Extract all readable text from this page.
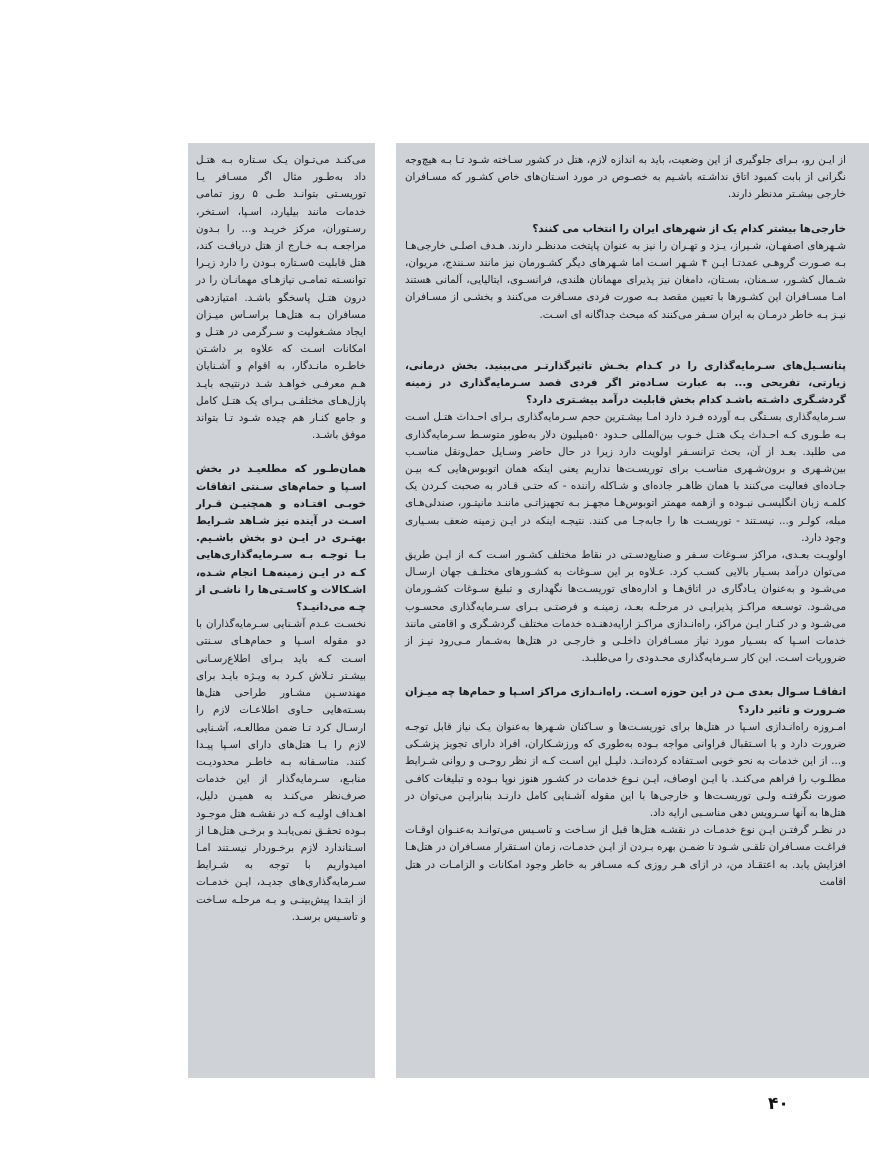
از ایـن رو، بـرای جلوگیری از این وضعیت، باید به اندازه لازم، هتل در کشور سـاخته شـود تـا بـه هیچ‌وجه نگرانی از بابت کمبود اتاق نداشـته باشـیم به خصـوص در مورد اسـتان‌های خاص کشـور که مسـافران خارجی بیشـتر مدنظر دارند.

خارجی‌ها بیشتر کدام یک از شهرهای ایران را انتخاب می کنند؟

شـهرهای اصفهـان، شـیراز، یـزد و تهـران را نیز به عنوان پایتخت مدنظـر دارند. هـدف اصلـی خارجی‌هـا بـه صـورت گروهـی عمدتـا ایـن ۴ شـهر اسـت اما شـهرهای دیگر کشـورمان نیز مانند سـنندج، مریوان، شـمال کشـور، سـمنان، بسـتان، دامغان نیز پذیرای مهمانان هلندی، فرانسـوی، ایتالیایی، آلمانی هستند امـا مسـافران این کشـورها با تعیین مقصد بـه صورت فردی مسـافرت می‌کنند و بخشـی از مسـافران نیـز بـه خاطر درمـان به ایران سـفر می‌کنند که مبحث جداگانه ای اسـت.

پتانسـیل‌های سـرمایه‌گذاری را در کـدام بخـش تاثیرگذارتـر می‌بینید. بخش درمانی، زیارتی، تفریحی و... به عبارت سـاده‌تر اگر فردی قصد سـرمایه‌گذاری در زمینه گردشـگری داشـته باشـد کدام بخش قابلیت درآمد بیشـتری دارد؟

سـرمایه‌گذاری بسـتگی بـه آورده فـرد دارد امـا بیشـترین حجم سـرمایه‌گذاری بـرای احـداث هتـل اسـت بـه طـوری کـه احـداث یـک هتـل خـوب بین‌المللی حـدود ۵۰میلیون دلار به‌طور متوسـط سـرمایه‌گذاری می طلبد. بعـد از آن، بحث ترانسـفر اولویت دارد زیرا در حال حاضر وسـایل حمل‌ونقل مناسـب بین‌شـهری و برون‌شـهری مناسـب برای توریسـت‌ها نداریم یعنی اینکه همان اتوبوس‌هایی کـه بیـن جـاده‌ای فعالیت می‌کنند با همان ظاهـر جاده‌ای و شـاکله راننده - که حتـی قـادر به صحبت کـردن یک کلمـه زبان انگلیسـی نبـوده و ازهمه مهمتر اتوبوس‌هـا مجهـز بـه تجهیزاتـی ماننـد مانیتـور، صندلی‌هـای مبله، کولـر و... نیسـتند - توریسـت ها را جابه‌جـا می کنند. نتیجـه اینکه در ایـن زمینه ضعف بسـیاری وجود دارد.

اولویـت بعـدی، مراکز سـوغات سـفر و صنایع‌دسـتی در نقاط مختلف کشـور اسـت کـه از ایـن طریق می‌توان درآمد بسـیار بالایی کسـب کرد. عـلاوه بر این سـوغات به کشـورهای مختلـف جهان ارسـال می‌شـود و به‌عنوان یـادگاری در اتاق‌هـا و اداره‌های توریسـت‌ها نگهداری و تبلیغ سـوغات کشـورمان می‌شـود. توسـعه مراکـز پذیرایـی در مرحلـه بعـد، زمینـه و فرصتـی بـرای سـرمایه‌گذاری محسـوب می‌شـود و در کنـار ایـن مراکز، راه‌انـدازی مراکـز ارایه‌دهنـده خدمات مختلف گردشـگری و اقامتی مانند خدمات اسـپا که بسـیار مورد نیاز مسـافران داخلـی و خارجـی در هتل‌ها به‌شـمار مـی‌رود نیـز از ضروریات اسـت. این کار سـرمایه‌گذاری محـدودی را می‌طلبـد.

اتفاقـا سـوال بعدی مـن در این حوزه اسـت. راه‌انـدازی مراکز اسـپا و حمام‌ها چه میـزان ضـرورت و تاثیر دارد؟

امـروزه راه‌انـدازی اسـپا در هتل‌ها برای توریسـت‌ها و سـاکنان شـهرها به‌عنوان یـک نیاز قابل توجـه ضرورت دارد و با اسـتقبال فراوانی مواجه بـوده به‌طوری که ورزشـکاران، افراد دارای تجویز پزشـکی و... از این خدمات به نحو خوبی اسـتفاده کرده‌انـد. دلیـل این اسـت کـه از نظر روحـی و روانی شـرایط مطلـوب را فراهم می‌کنـد. با ایـن اوصاف، ایـن نـوع خدمات در کشـور هنوز نوپا بـوده و تبلیغات کافـی صورت نگرفتـه ولـی توریسـت‌ها و خارجی‌ها با این مقوله آشـنایی کامل دارنـد بنابرایـن می‌توان در هتل‌ها به آنها سـرویس دهی مناسـبی ارایه داد.

در نظـر گرفتـن ایـن نوع خدمـات در نقشـه هتل‌ها قبل از سـاخت و تاسـیس می‌توانـد به‌عنـوان اوقـات فراغـت مسـافران تلقـی شـود تا ضمـن بهره بـردن از ایـن خدمـات، زمان اسـتقرار مسـافران در هتل‌هـا افزایش یابد. به اعتقـاد من، در ازای هـر روزی کـه مسـافر به خاطر وجود امکانات و الزامـات در هتل اقامت

می‌کنـد می‌تـوان یـک سـتاره بـه هتـل داد به‌طـور مثال اگر مسـافر یـا توریسـتی بتوانـد طـی ۵ روز تمامی خدمات مانند بیلیارد، اسـپا، اسـتخر، رسـتوران، مرکز خریـد و... را بـدون مراجعـه بـه خـارج از هتل دریافـت کند، هتل قابلیت ۵سـتاره بـودن را دارد زیـرا توانسـته تمامـی نیازهـای مهمانـان را در درون هتـل پاسخگو باشـد. امتیازدهی مسافران بـه هتل‌هـا براسـاس میـزان ایجاد مشـغولیت و سـرگرمی در هتـل و امکانات اسـت که علاوه بر داشـتن خاطـره مانـدگار، به اقوام و آشـنایان هـم معرفـی خواهـد شـد درنتیجه بایـد پازل‌هـای مختلفـی بـرای یک هتـل کامل و جامع کنـار هم چیده شـود تـا بتواند موفق باشـد.

همان‌طـور که مطلعیـد در بخش اسـپا و حمام‌های سـنتی اتفاقات خوبـی افتـاده و همچنیـن قـرار اسـت در آینده نیز شـاهد شـرایط بهتـری در ایـن دو بخش باشـیم. بـا توجـه بـه سـرمایه‌گذاری‌هایی کـه در ایـن زمینه‌هـا انجام شـده، اشـکالات و کاسـتی‌ها را ناشـی از چـه می‌دانیـد؟

نخسـت عـدم آشـنایی سـرمایه‌گذاران با دو مقوله اسـپا و حمام‌هـای سـنتی اسـت کـه باید بـرای اطلاع‌رسـانی بیشـتر تـلاش کـرد به ویـژه بایـد برای مهندسـین مشـاور طراحی هتل‌ها بسـته‌هایی حـاوی اطلاعـات لازم را ارسـال کرد تـا ضمن مطالعـه، آشـنایی لازم را بـا هتل‌های دارای اسـپا پیـدا کنند. متاسـفانه بـه خاطـر محدودیـت منابـع، سـرمایه‌گذار از این خدمات صرف‌نظر می‌کنـد به همیـن دلیل، اهـداف اولیـه کـه در نقشـه هتل موجـود بـوده تحقـق نمی‌یابـد و برخـی هتل‌هـا از اسـتاندارد لازم برخـوردار نیسـتند امـا امیدواریم با توجه به شـرایط سـرمایه‌گذاری‌های جدیـد، ایـن خدمـات از ابتـدا پیش‌بینـی و بـه مرحلـه سـاخت و تاسـیس برسـد.

۴۰
